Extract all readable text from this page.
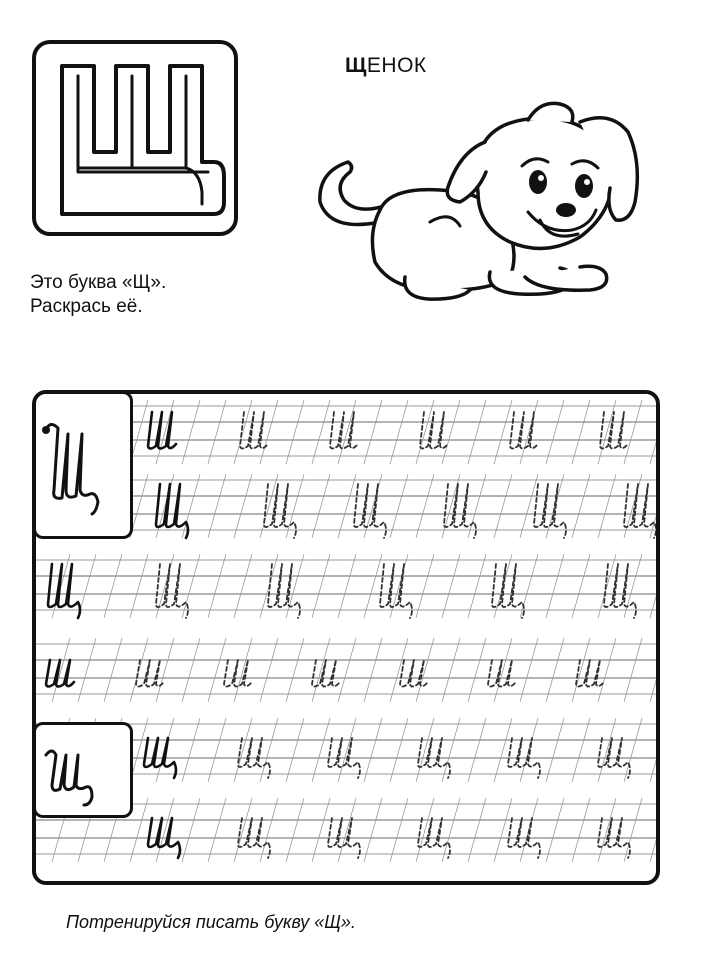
ЩЕНОК
Это буква «Щ».
Раскрась её.
Потренируйся писать букву «Щ».
